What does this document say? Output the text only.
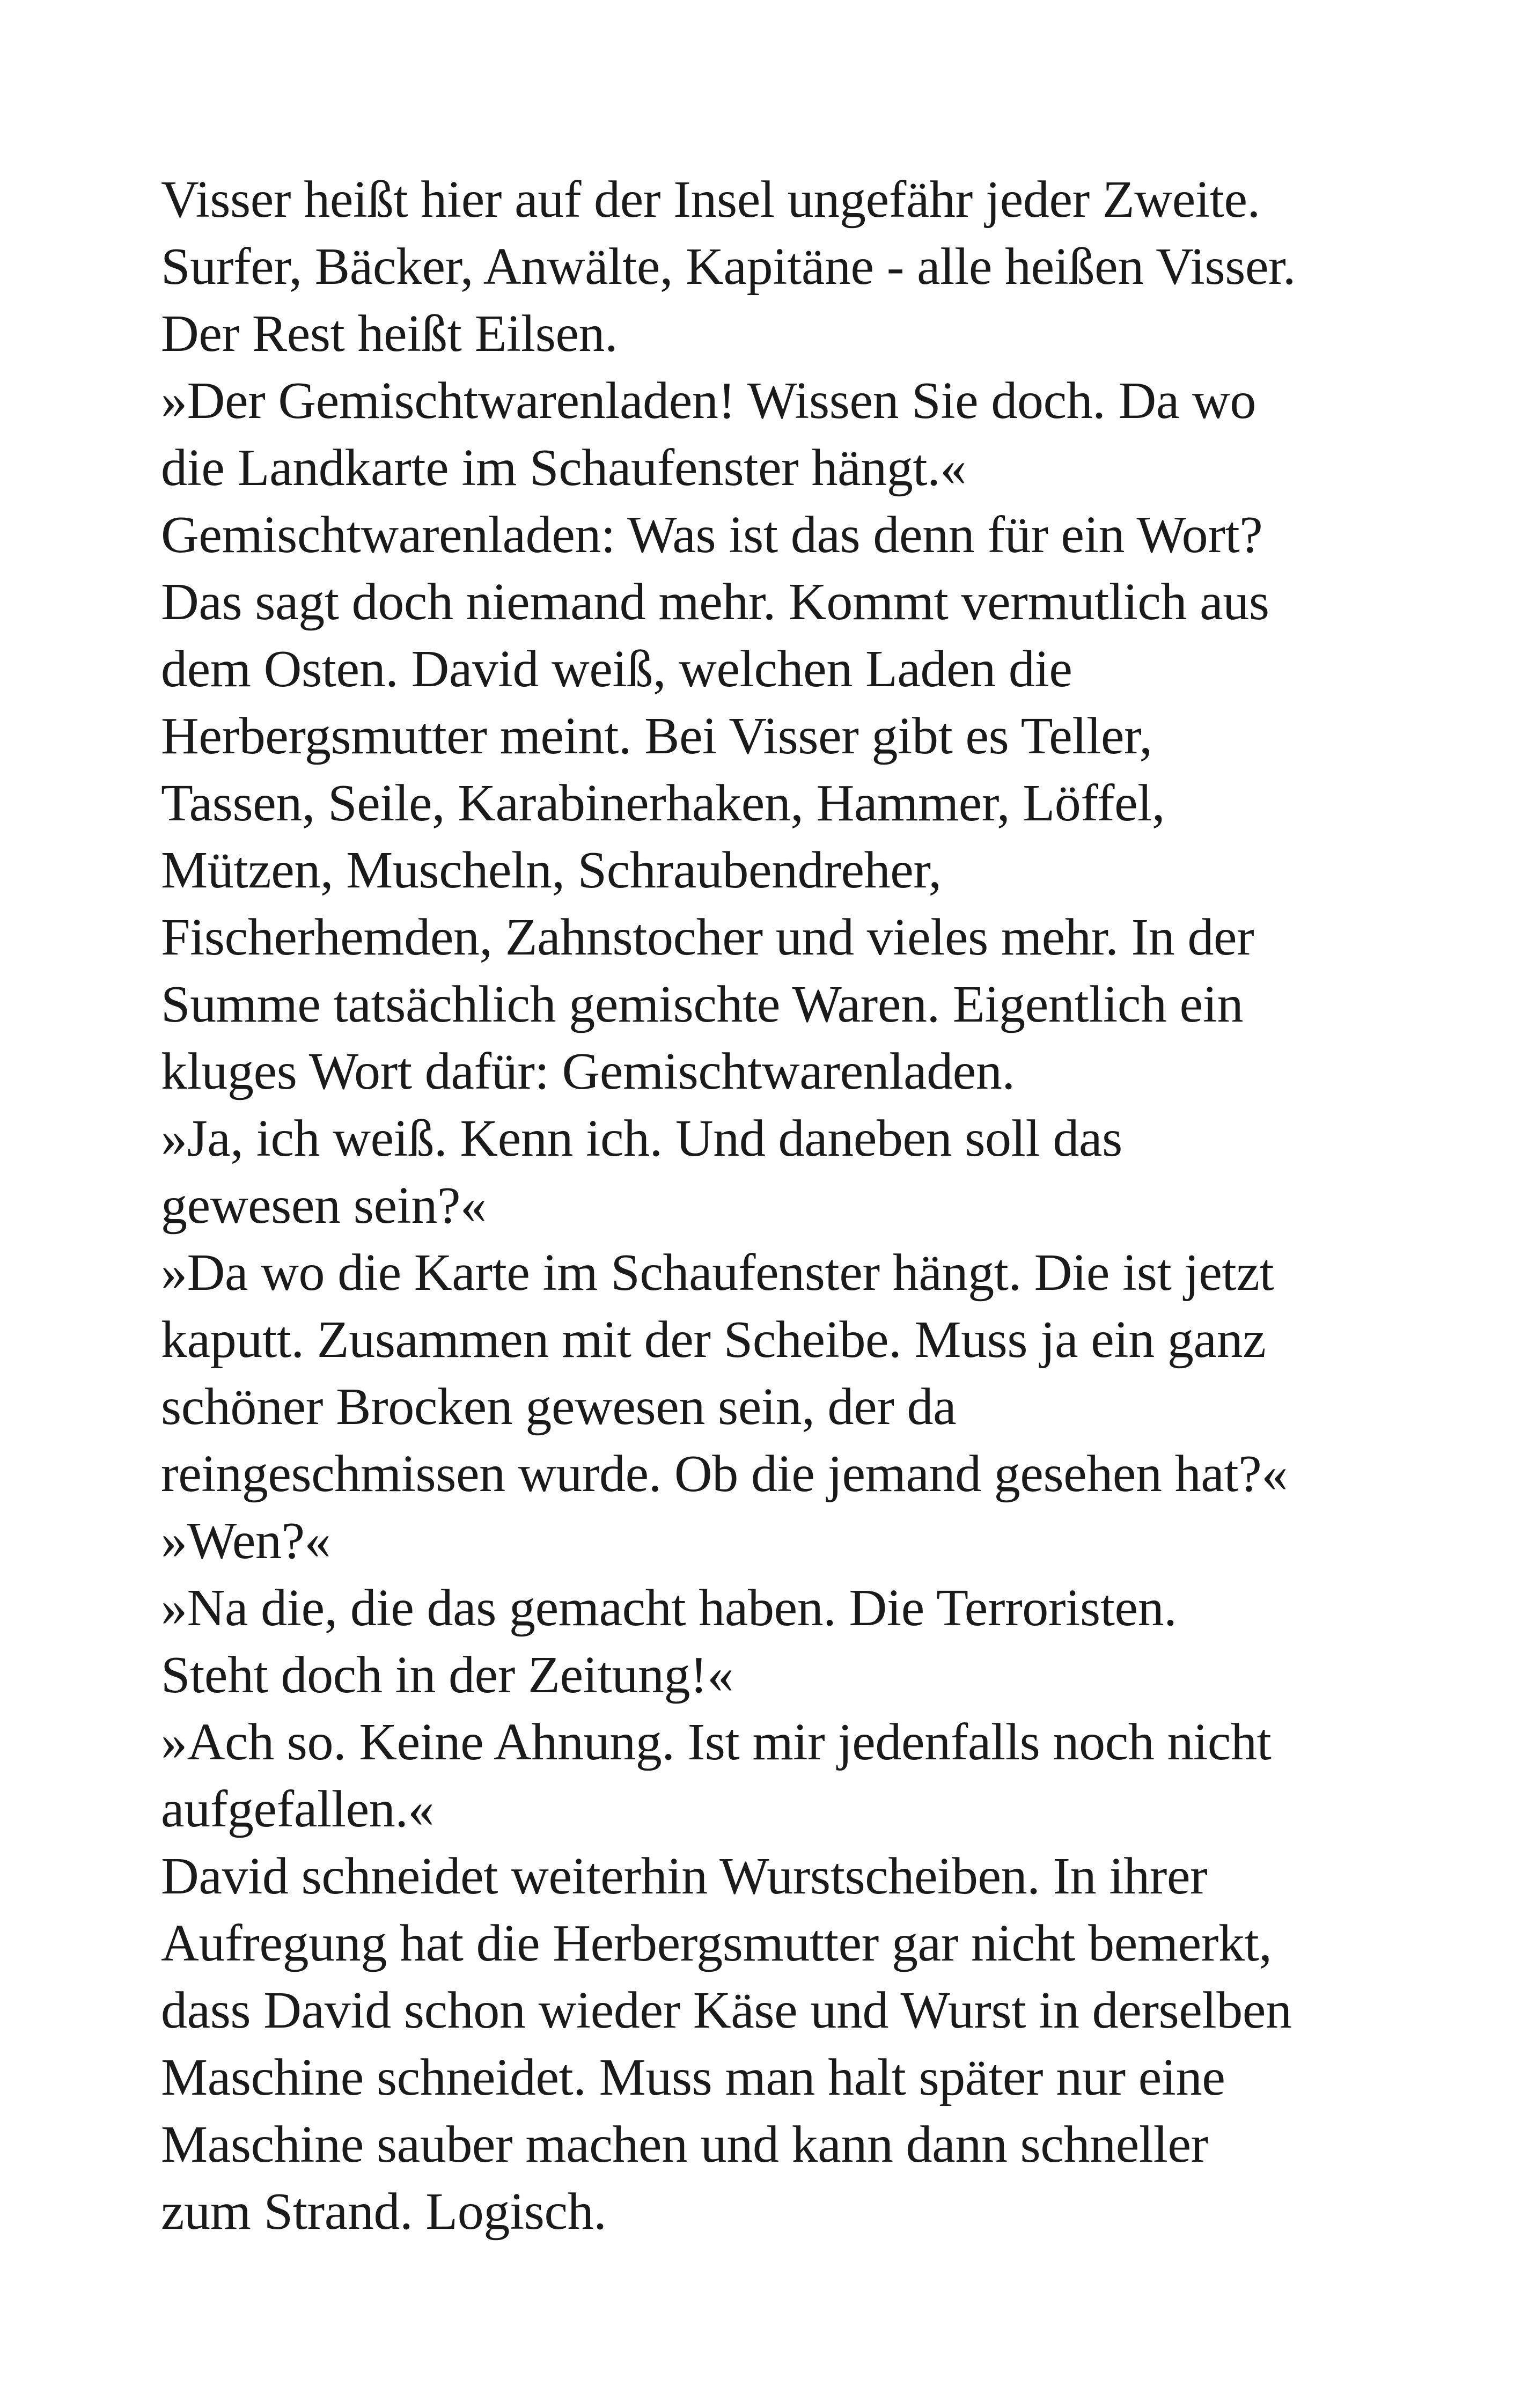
Visser heißt hier auf der Insel ungefähr jeder Zweite.
Surfer, Bäcker, Anwälte, Kapitäne - alle heißen Visser.
Der Rest heißt Eilsen.
»Der Gemischtwarenladen! Wissen Sie doch. Da wo
die Landkarte im Schaufenster hängt.«
Gemischtwarenladen: Was ist das denn für ein Wort?
Das sagt doch niemand mehr. Kommt vermutlich aus
dem Osten. David weiß, welchen Laden die
Herbergsmutter meint. Bei Visser gibt es Teller,
Tassen, Seile, Karabinerhaken, Hammer, Löffel,
Mützen, Muscheln, Schraubendreher,
Fischerhemden, Zahnstocher und vieles mehr. In der
Summe tatsächlich gemischte Waren. Eigentlich ein
kluges Wort dafür: Gemischtwarenladen.
»Ja, ich weiß. Kenn ich. Und daneben soll das
gewesen sein?«
»Da wo die Karte im Schaufenster hängt. Die ist jetzt
kaputt. Zusammen mit der Scheibe. Muss ja ein ganz
schöner Brocken gewesen sein, der da
reingeschmissen wurde. Ob die jemand gesehen hat?«
»Wen?«
»Na die, die das gemacht haben. Die Terroristen.
Steht doch in der Zeitung!«
»Ach so. Keine Ahnung. Ist mir jedenfalls noch nicht
aufgefallen.«
David schneidet weiterhin Wurstscheiben. In ihrer
Aufregung hat die Herbergsmutter gar nicht bemerkt,
dass David schon wieder Käse und Wurst in derselben
Maschine schneidet. Muss man halt später nur eine
Maschine sauber machen und kann dann schneller
zum Strand. Logisch.
